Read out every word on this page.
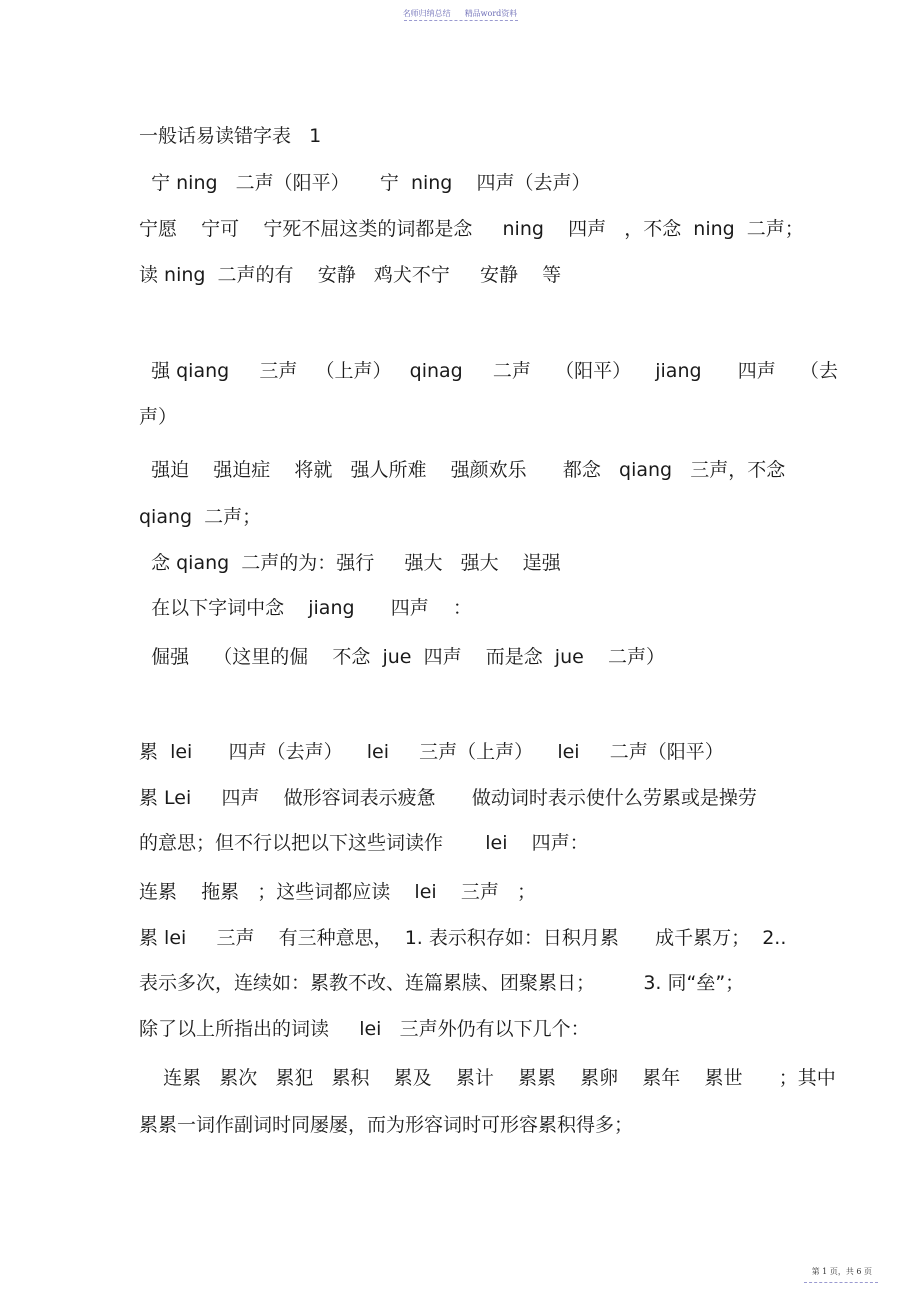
名师归纳总结 精品word资料
一般话易读错字表   1
宁 ning   二声（阳平）     宁  ning    四声（去声）
宁愿    宁可    宁死不屈这类的词都是念     ning    四声   ，不念  ning  二声；
读 ning  二声的有    安静   鸡犬不宁     安静    等
强 qiang     三声   （上声）   qinag     二声    （阳平）    jiang      四声    （去
声）
强迫    强迫症    将就   强人所难    强颜欢乐      都念   qiang   三声，不念
qiang  二声；
念 qiang  二声的为：强行     强大   强大    逞强
在以下字词中念    jiang      四声    ：
倔强    （这里的倔    不念  jue  四声    而是念  jue    二声）
累  lei      四声（去声）    lei     三声（上声）    lei     二声（阳平）
累 Lei     四声    做形容词表示疲惫      做动词时表示使什么劳累或是操劳
的意思；但不行以把以下这些词读作       lei    四声：
连累    拖累   ；这些词都应读    lei    三声   ；
累 lei     三声    有三种意思，  1. 表示积存如：日积月累      成千累万；  2..
表示多次，连续如：累教不改、连篇累牍、团聚累日；        3. 同“垒”；
除了以上所指出的词读     lei   三声外仍有以下几个：
连累   累次   累犯   累积    累及    累计    累累    累卵    累年    累世      ；其中
累累一词作副词时同屡屡，而为形容词时可形容累积得多；
第 1 页，共 6 页
